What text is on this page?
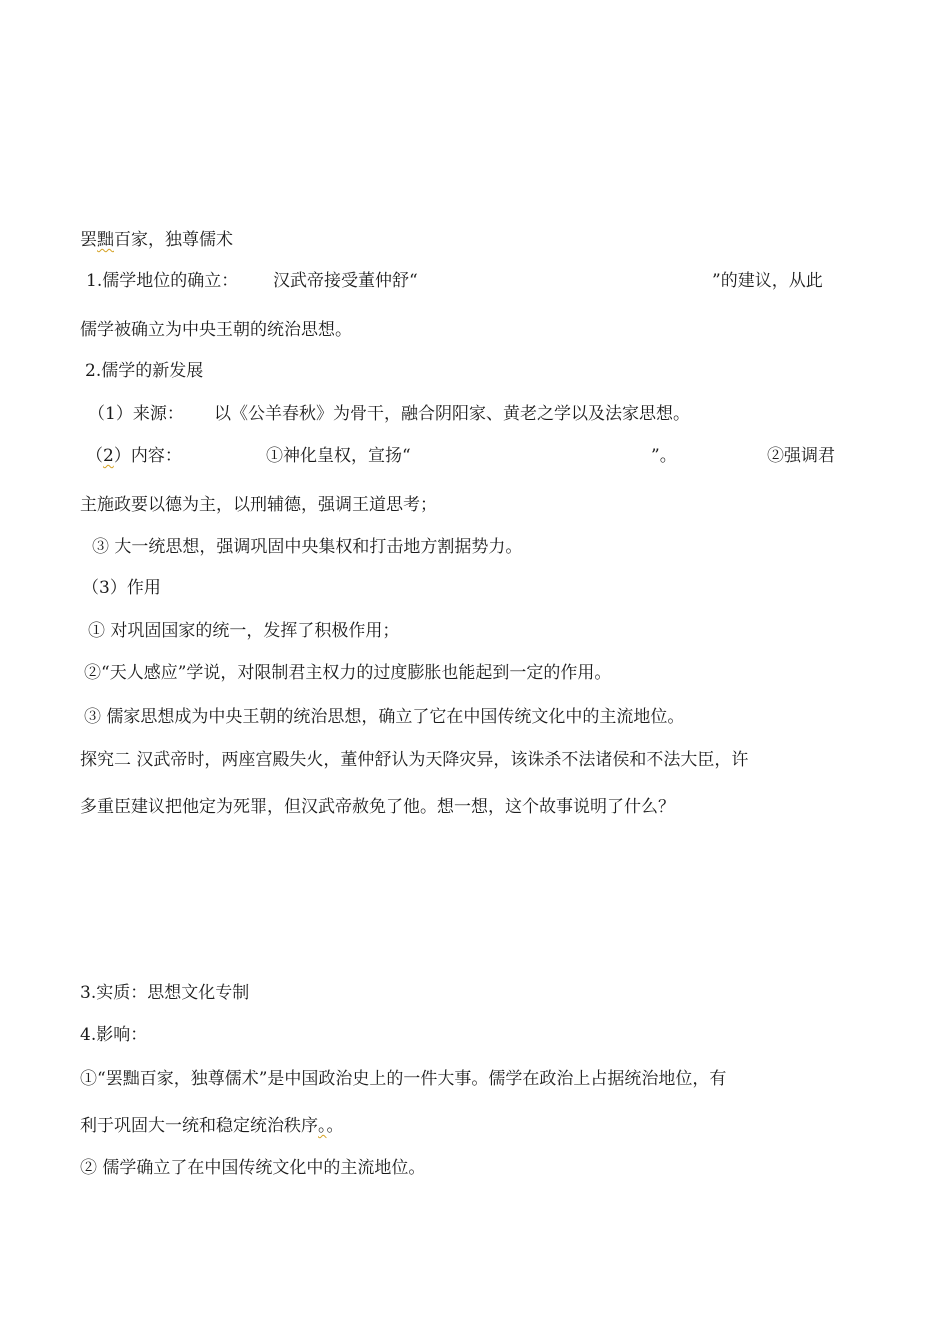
罢黜百家，独尊儒术
1.儒学地位的确立： 汉武帝接受董仲舒“	”的建议，从此
儒学被确立为中央王朝的统治思想。
2.儒学的新发展
（1）来源： 以《公羊春秋》为骨干，融合阴阳家、黄老之学以及法家思想。
（2）内容：	①神化皇权，宣扬“	”。	②强调君
主施政要以德为主，以刑辅德，强调王道思考；
③ 大一统思想，强调巩固中央集权和打击地方割据势力。
（3）作用
① 对巩固国家的统一，发挥了积极作用；
②“天人感应”学说，对限制君主权力的过度膨胀也能起到一定的作用。
③ 儒家思想成为中央王朝的统治思想，确立了它在中国传统文化中的主流地位。
探究二 汉武帝时，两座宫殿失火，董仲舒认为天降灾异，该诛杀不法诸侯和不法大臣，许
多重臣建议把他定为死罪，但汉武帝赦免了他。想一想，这个故事说明了什么？
3.实质：思想文化专制
4.影响：
①“罢黜百家，独尊儒术”是中国政治史上的一件大事。儒学在政治上占据统治地位，有
利于巩固大一统和稳定统治秩序。。
② 儒学确立了在中国传统文化中的主流地位。
